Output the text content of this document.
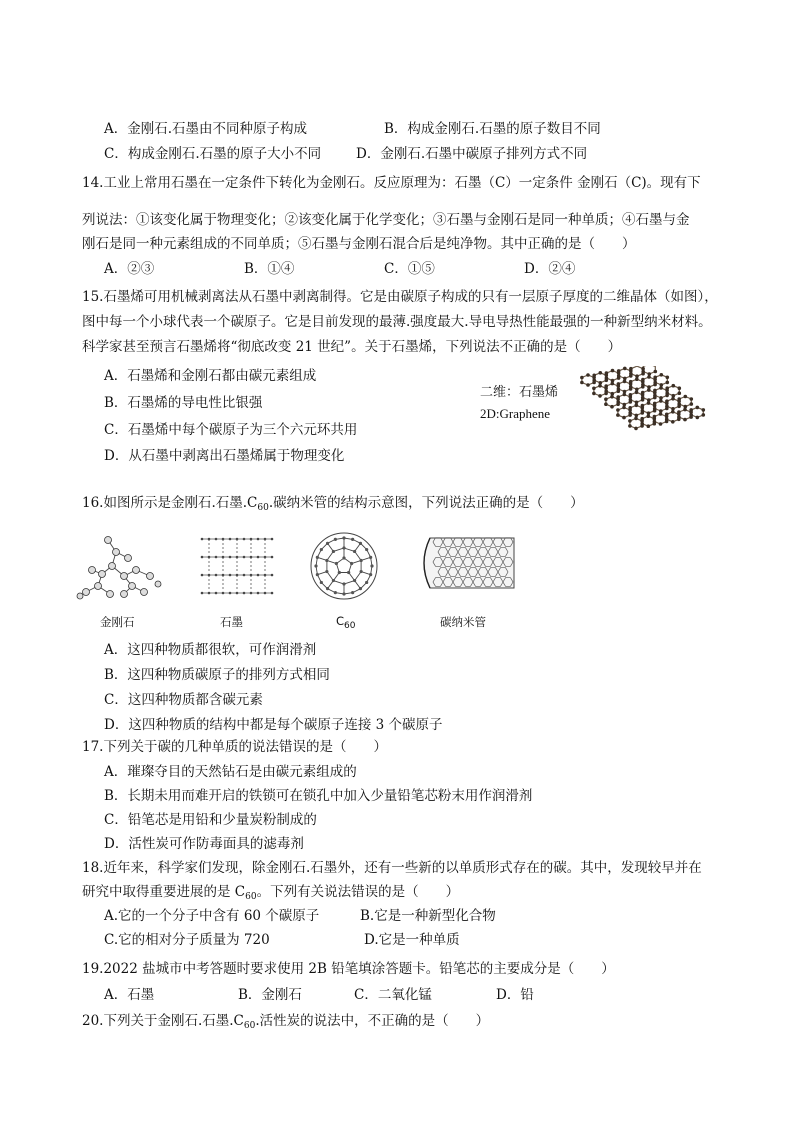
A．金刚石.石墨由不同种原子构成	B．构成金刚石.石墨的原子数目不同
C．构成金刚石.石墨的原子大小不同	D．金刚石.石墨中碳原子排列方式不同
14.工业上常用石墨在一定条件下转化为金刚石。反应原理为：石墨（C）一定条件 金刚石（C)。现有下
列说法：①该变化属于物理变化；②该变化属于化学变化；③石墨与金刚石是同一种单质；④石墨与金
刚石是同一种元素组成的不同单质；⑤石墨与金刚石混合后是纯净物。其中正确的是（　　）
A．②③	B．①④	C．①⑤	D．②④
15.石墨烯可用机械剥离法从石墨中剥离制得。它是由碳原子构成的只有一层原子厚度的二维晶体（如图），
图中每一个小球代表一个碳原子。它是目前发现的最薄.强度最大.导电导热性能最强的一种新型纳米材料。
科学家甚至预言石墨烯将“彻底改变 21 世纪”。关于石墨烯，下列说法不正确的是（　　）
A．石墨烯和金刚石都由碳元素组成
B．石墨烯的导电性比银强
C．石墨烯中每个碳原子为三个六元环共用
D．从石墨中剥离出石墨烯属于物理变化
二维：石墨烯
2D:Graphene
16.如图所示是金刚石.石墨$.C_{60}$.碳纳米管的结构示意图，下列说法正确的是（　　）
金刚石	石墨	$C_{60}$	碳纳米管
A．这四种物质都很软，可作润滑剂
B．这四种物质碳原子的排列方式相同
C．这四种物质都含碳元素
D．这四种物质的结构中都是每个碳原子连接 3 个碳原子
17.下列关于碳的几种单质的说法错误的是（　　）
A．璀璨夺目的天然钻石是由碳元素组成的
B．长期未用而难开启的铁锁可在锁孔中加入少量铅笔芯粉末用作润滑剂
C．铅笔芯是用铅和少量炭粉制成的
D．活性炭可作防毒面具的滤毒剂
18.近年来，科学家们发现，除金刚石.石墨外，还有一些新的以单质形式存在的碳。其中，发现较早并在
研究中取得重要进展的是 $C_{60}$。下列有关说法错误的是（　　）
A.它的一个分子中含有 60 个碳原子	B.它是一种新型化合物
C.它的相对分子质量为 720	D.它是一种单质
19.2022 盐城市中考答题时要求使用 2B 铅笔填涂答题卡。铅笔芯的主要成分是（　　）
A．石墨	B．金刚石	C．二氧化锰	D．铅
20.下列关于金刚石.石墨$.C_{60}$.活性炭的说法中，不正确的是（　　）
